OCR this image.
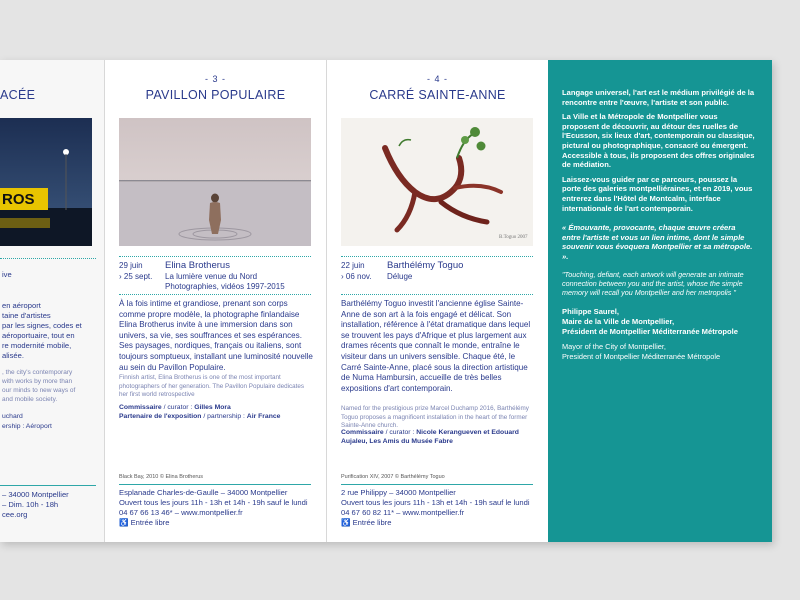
ACÉE
ROS
ive
en aéroport
taine d'artistes
par les signes, codes et
aéroportuaire, tout en
re modernité mobile,
alisée.
, the city's contemporary
with works by more than
our minds to new ways of
and mobile society.
uchard
ership : Aéroport
– 34000 Montpellier
– Dim. 10h - 18h
cee.org
- 3 -
PAVILLON POPULAIRE
29 juin
› 25 sept.
Elina Brotherus
La lumière venue du Nord
Photographies, vidéos 1997-2015
À la fois intime et grandiose, prenant son corps comme propre modèle, la photographe finlandaise Elina Brotherus invite à une immersion dans son univers, sa vie, ses souffrances et ses espérances. Ses paysages, nordiques, français ou italiens, sont toujours somptueux, installant une luminosité nouvelle au sein du Pavillon Populaire.
Finnish artist, Elina Brotherus is one of the most important photographers of her generation. The Pavillon Populaire dedicates her first world retrospective
Commissaire / curator : Gilles Mora
Partenaire de l'exposition / partnership : Air France
Black Bay, 2010 © Elina Brotherus
Esplanade Charles-de-Gaulle – 34000 Montpellier
Ouvert tous les jours 11h - 13h et 14h - 19h sauf le lundi
04 67 66 13 46* – www.montpellier.fr
♿ Entrée libre
- 4 -
CARRÉ SAINTE-ANNE
B.Toguo 2007
22 juin
› 06 nov.
Barthélémy Toguo
Déluge
Barthélémy Toguo investit l'ancienne église Sainte-Anne de son art à la fois engagé et délicat. Son installation, référence à l'état dramatique dans lequel se trouvent les pays d'Afrique et plus largement aux drames récents que connaît le monde, entraîne le visiteur dans un univers sensible. Chaque été, le Carré Sainte-Anne, placé sous la direction artistique de Numa Hambursin, accueille de très belles expositions d'art contemporain.
Named for the prestigious prize Marcel Duchamp 2016, Barthélémy Toguo proposes a magnificent installation in the heart of the former Sainte-Anne church.
Commissaire / curator : Nicole Kerangueven et Edouard Aujaleu, Les Amis du Musée Fabre
Purification XIV, 2007 © Barthélémy Toguo
2 rue Philippy – 34000 Montpellier
Ouvert tous les jours 11h - 13h et 14h - 19h sauf le lundi
04 67 60 82 11* – www.montpellier.fr
♿ Entrée libre

Langage universel, l'art est le médium privilégié de la rencontre entre l'œuvre, l'artiste et son public.

La Ville et la Métropole de Montpellier vous proposent de découvrir, au détour des ruelles de l'Ecusson, six lieux d'art, contemporain ou classique, pictural ou photographique, consacré ou émergent. Accessible à tous, ils proposent des offres originales de médiation.

Laissez-vous guider par ce parcours, poussez la porte des galeries montpelliéraines, et en 2019, vous entrerez dans l'Hôtel de Montcalm, interface internationale de l'art contemporain.

« Émouvante, provocante, chaque œuvre créera entre l'artiste et vous un lien intime, dont le simple souvenir vous évoquera Montpellier et sa métropole. ».

"Touching, defiant, each artwork will generate an intimate connection between you and the artist, whose the simple memory will recall you Montpellier and her metropolis "

Philippe Saurel,
Maire de la Ville de Montpellier,
Président de Montpellier Méditerranée Métropole

Mayor of the City of Montpellier,
President of Montpellier Méditerranée Métropole
